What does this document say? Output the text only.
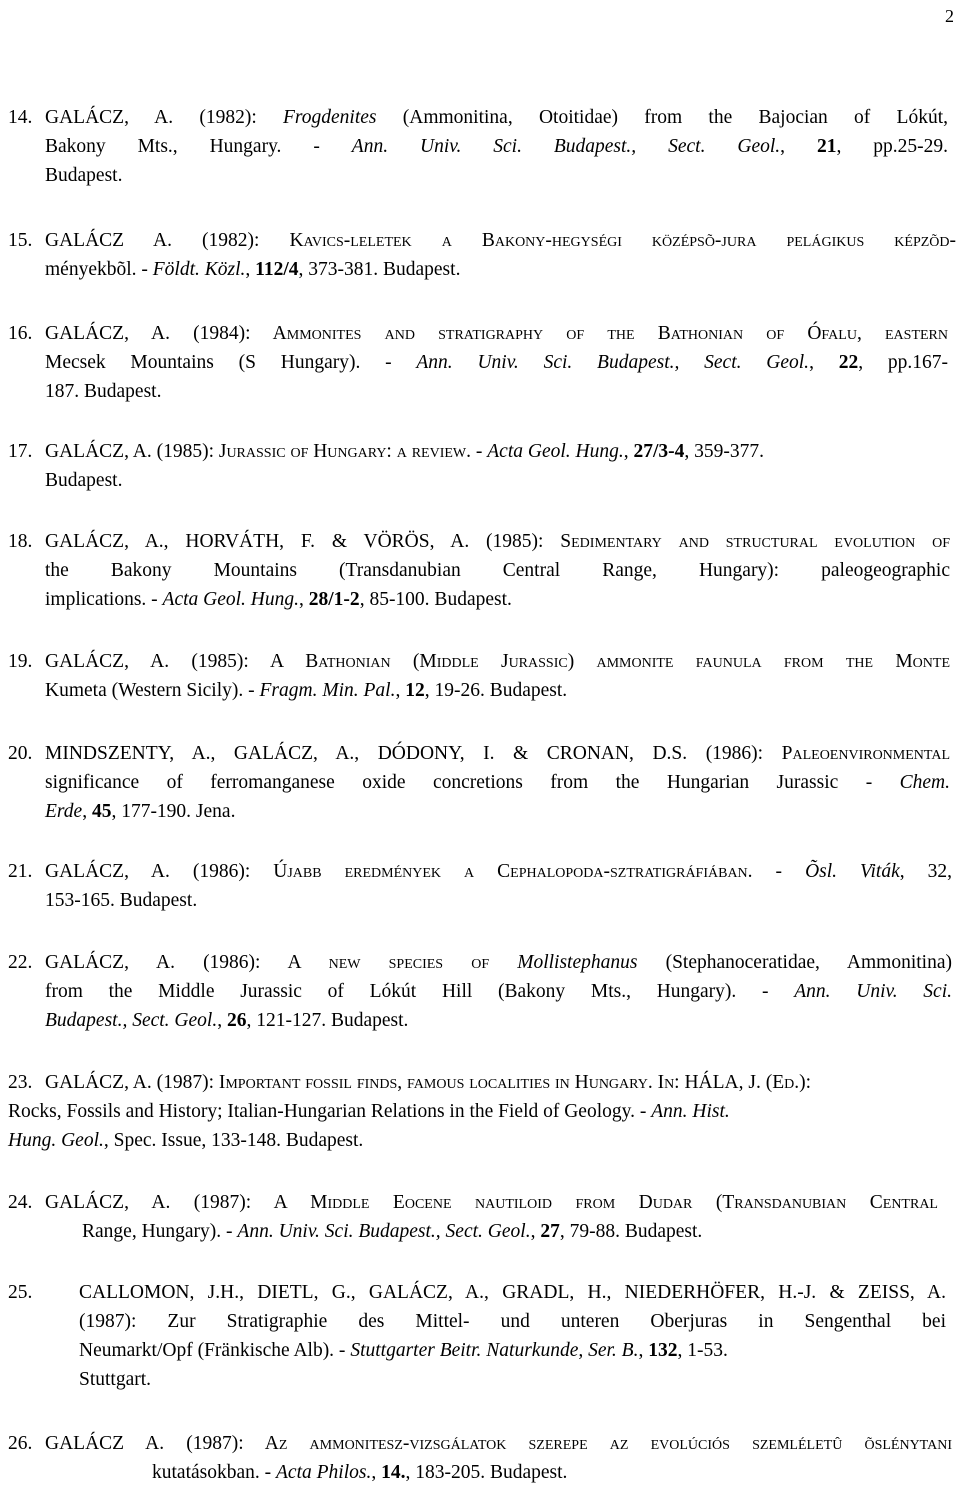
2
14. GALÁCZ, A. (1982): Frogdenites (Ammonitina, Otoitidae) from the Bajocian of Lókút,
Bakony Mts., Hungary. - Ann. Univ. Sci. Budapest., Sect. Geol., 21, pp.25-29.
Budapest.
15. GALÁCZ A. (1982): Kavics-leletek a Bakony-hegységi középsõ-jura pelágikus képzõd-
ményekbõl. - Földt. Közl., 112/4, 373-381. Budapest.
16. GALÁCZ, A. (1984): Ammonites and stratigraphy of the Bathonian of Ófalu, eastern
Mecsek Mountains (S Hungary). - Ann. Univ. Sci. Budapest., Sect. Geol., 22, pp.167-
187. Budapest.
17. GALÁCZ, A. (1985): Jurassic of Hungary: a review. - Acta Geol. Hung., 27/3-4, 359-377.
Budapest.
18. GALÁCZ, A., HORVÁTH, F. & VÖRÖS, A. (1985): Sedimentary and structural evolution of
the Bakony Mountains (Transdanubian Central Range, Hungary): paleogeographic
implications. - Acta Geol. Hung., 28/1-2, 85-100. Budapest.
19. GALÁCZ, A. (1985): A Bathonian (Middle Jurassic) ammonite faunula from the Monte
Kumeta (Western Sicily). - Fragm. Min. Pal., 12, 19-26. Budapest.
20. MINDSZENTY, A., GALÁCZ, A., DÓDONY, I. & CRONAN, D.S. (1986): Paleoenvironmental
significance of ferromanganese oxide concretions from the Hungarian Jurassic - Chem.
Erde, 45, 177-190. Jena.
21. GALÁCZ, A. (1986): Újabb eredmények a Cephalopoda-sztratigráfiában. - Õsl. Viták, 32,
153-165. Budapest.
22. GALÁCZ, A. (1986): A new species of Mollistephanus (Stephanoceratidae, Ammonitina)
from the Middle Jurassic of Lókút Hill (Bakony Mts., Hungary). - Ann. Univ. Sci.
Budapest., Sect. Geol., 26, 121-127. Budapest.
23. GALÁCZ, A. (1987): Important fossil finds, famous localities in Hungary. In: HÁLA, J. (Ed.):
Rocks, Fossils and History; Italian-Hungarian Relations in the Field of Geology. - Ann. Hist.
Hung. Geol., Spec. Issue, 133-148. Budapest.
24. GALÁCZ, A. (1987): A Middle Eocene nautiloid from Dudar (Transdanubian Central
Range, Hungary). - Ann. Univ. Sci. Budapest., Sect. Geol., 27, 79-88. Budapest.
25. CALLOMON, J.H., DIETL, G., GALÁCZ, A., GRADL, H., NIEDERHÖFER, H.-J. & ZEISS, A.
(1987): Zur Stratigraphie des Mittel- und unteren Oberjuras in Sengenthal bei
Neumarkt/Opf (Fränkische Alb). - Stuttgarter Beitr. Naturkunde, Ser. B., 132, 1-53.
Stuttgart.
26. GALÁCZ A. (1987): Az ammonitesz-vizsgálatok szerepe az evolúciós szemléletû õslénytani
kutatásokban. - Acta Philos., 14., 183-205. Budapest.
